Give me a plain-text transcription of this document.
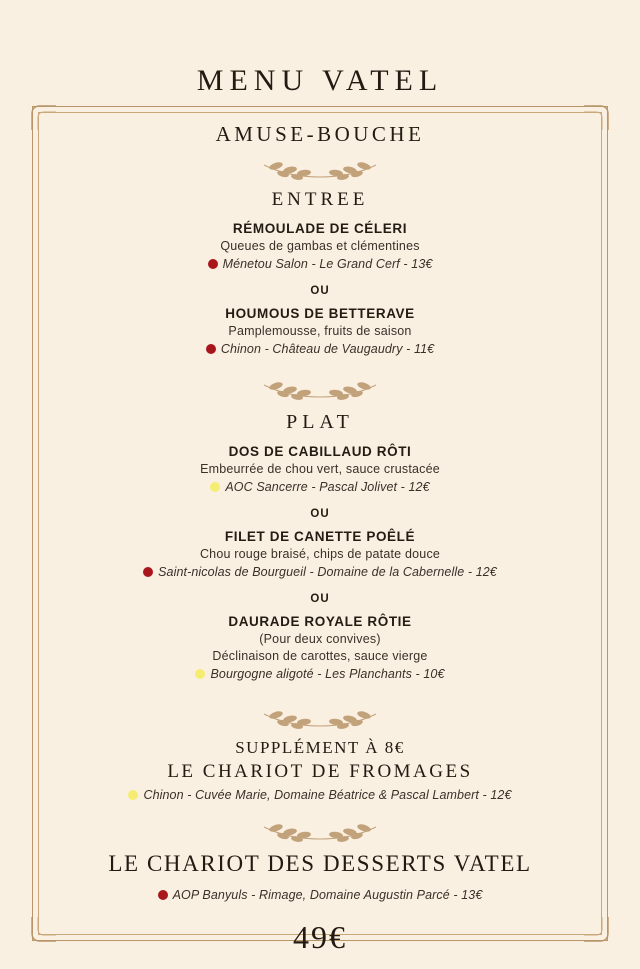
MENU VATEL
AMUSE-BOUCHE
ENTREE
RÉMOULADE DE CÉLERI
Queues de gambas et clémentines
Ménetou Salon - Le Grand Cerf - 13€
OU
HOUMOUS DE BETTERAVE
Pamplemousse, fruits de saison
Chinon - Château de Vaugaudry - 11€
PLAT
DOS DE CABILLAUD RÔTI
Embeurrée de chou vert, sauce crustacée
AOC Sancerre - Pascal Jolivet - 12€
OU
FILET DE CANETTE POÊLÉ
Chou rouge braisé, chips de patate douce
Saint-nicolas de Bourgueil - Domaine de la Cabernelle - 12€
OU
DAURADE ROYALE RÔTIE
(Pour deux convives)
Déclinaison de carottes, sauce vierge
Bourgogne aligoté - Les Planchants - 10€
SUPPLÉMENT À 8€
LE CHARIOT DE FROMAGES
Chinon - Cuvée Marie, Domaine Béatrice & Pascal Lambert - 12€
LE CHARIOT DES DESSERTS VATEL
AOP Banyuls - Rimage, Domaine Augustin Parcé - 13€
49€
